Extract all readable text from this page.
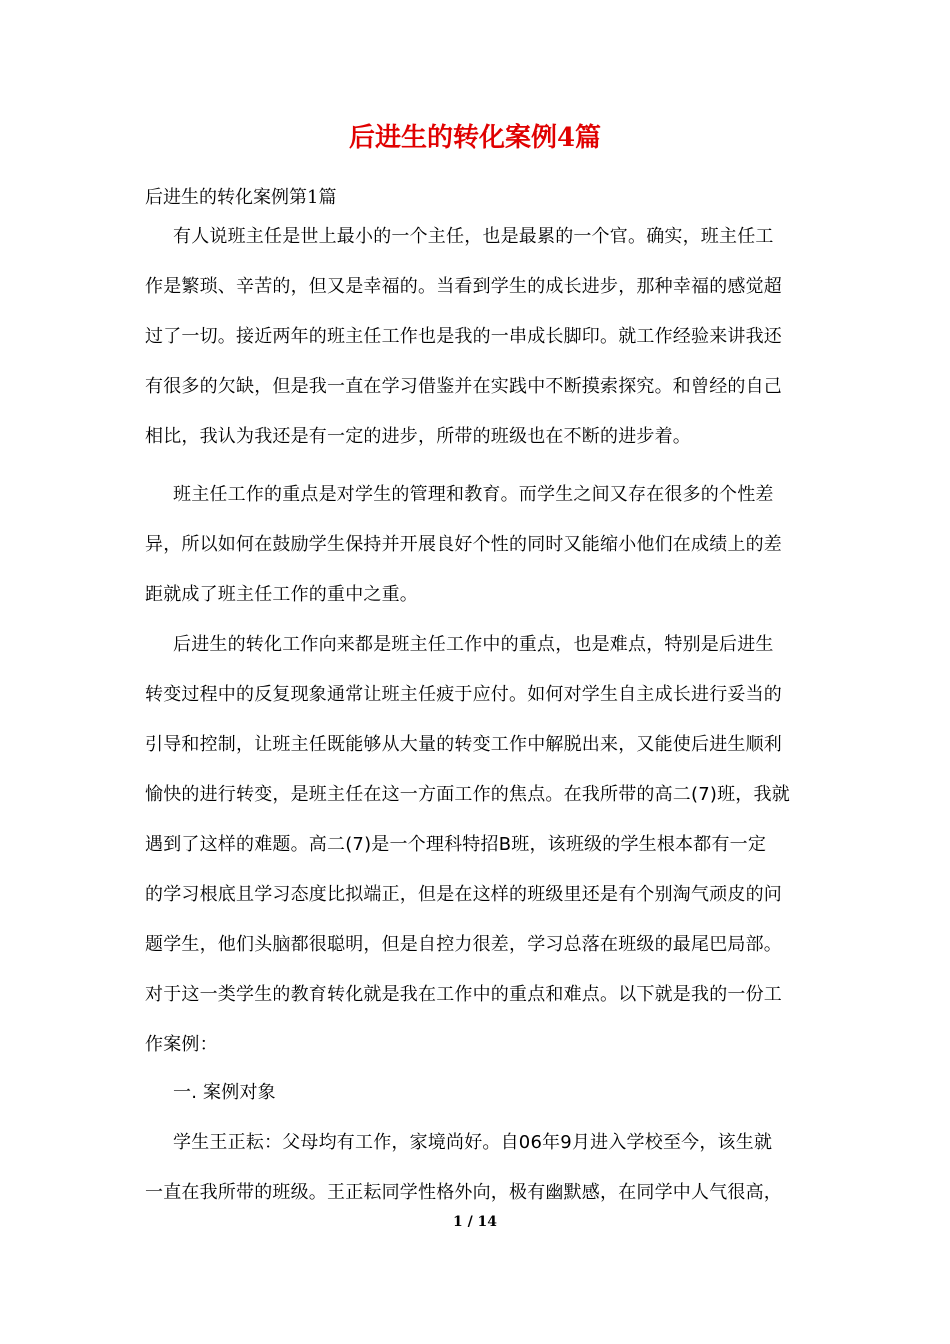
后进生的转化案例4篇
后进生的转化案例第1篇
有人说班主任是世上最小的一个主任，也是最累的一个官。确实，班主任工
作是繁琐、辛苦的，但又是幸福的。当看到学生的成长进步，那种幸福的感觉超
过了一切。接近两年的班主任工作也是我的一串成长脚印。就工作经验来讲我还
有很多的欠缺，但是我一直在学习借鉴并在实践中不断摸索探究。和曾经的自己
相比，我认为我还是有一定的进步，所带的班级也在不断的进步着。
班主任工作的重点是对学生的管理和教育。而学生之间又存在很多的个性差
异，所以如何在鼓励学生保持并开展良好个性的同时又能缩小他们在成绩上的差
距就成了班主任工作的重中之重。
后进生的转化工作向来都是班主任工作中的重点，也是难点，特别是后进生
转变过程中的反复现象通常让班主任疲于应付。如何对学生自主成长进行妥当的
引导和控制，让班主任既能够从大量的转变工作中解脱出来，又能使后进生顺利
愉快的进行转变，是班主任在这一方面工作的焦点。在我所带的高二(7)班，我就
遇到了这样的难题。高二(7)是一个理科特招B班，该班级的学生根本都有一定
的学习根底且学习态度比拟端正，但是在这样的班级里还是有个别淘气顽皮的问
题学生，他们头脑都很聪明，但是自控力很差，学习总落在班级的最尾巴局部。
对于这一类学生的教育转化就是我在工作中的重点和难点。以下就是我的一份工
作案例：
一. 案例对象
学生王正耘：父母均有工作，家境尚好。自06年9月进入学校至今，该生就
一直在我所带的班级。王正耘同学性格外向，极有幽默感，在同学中人气很高，
1 / 14
